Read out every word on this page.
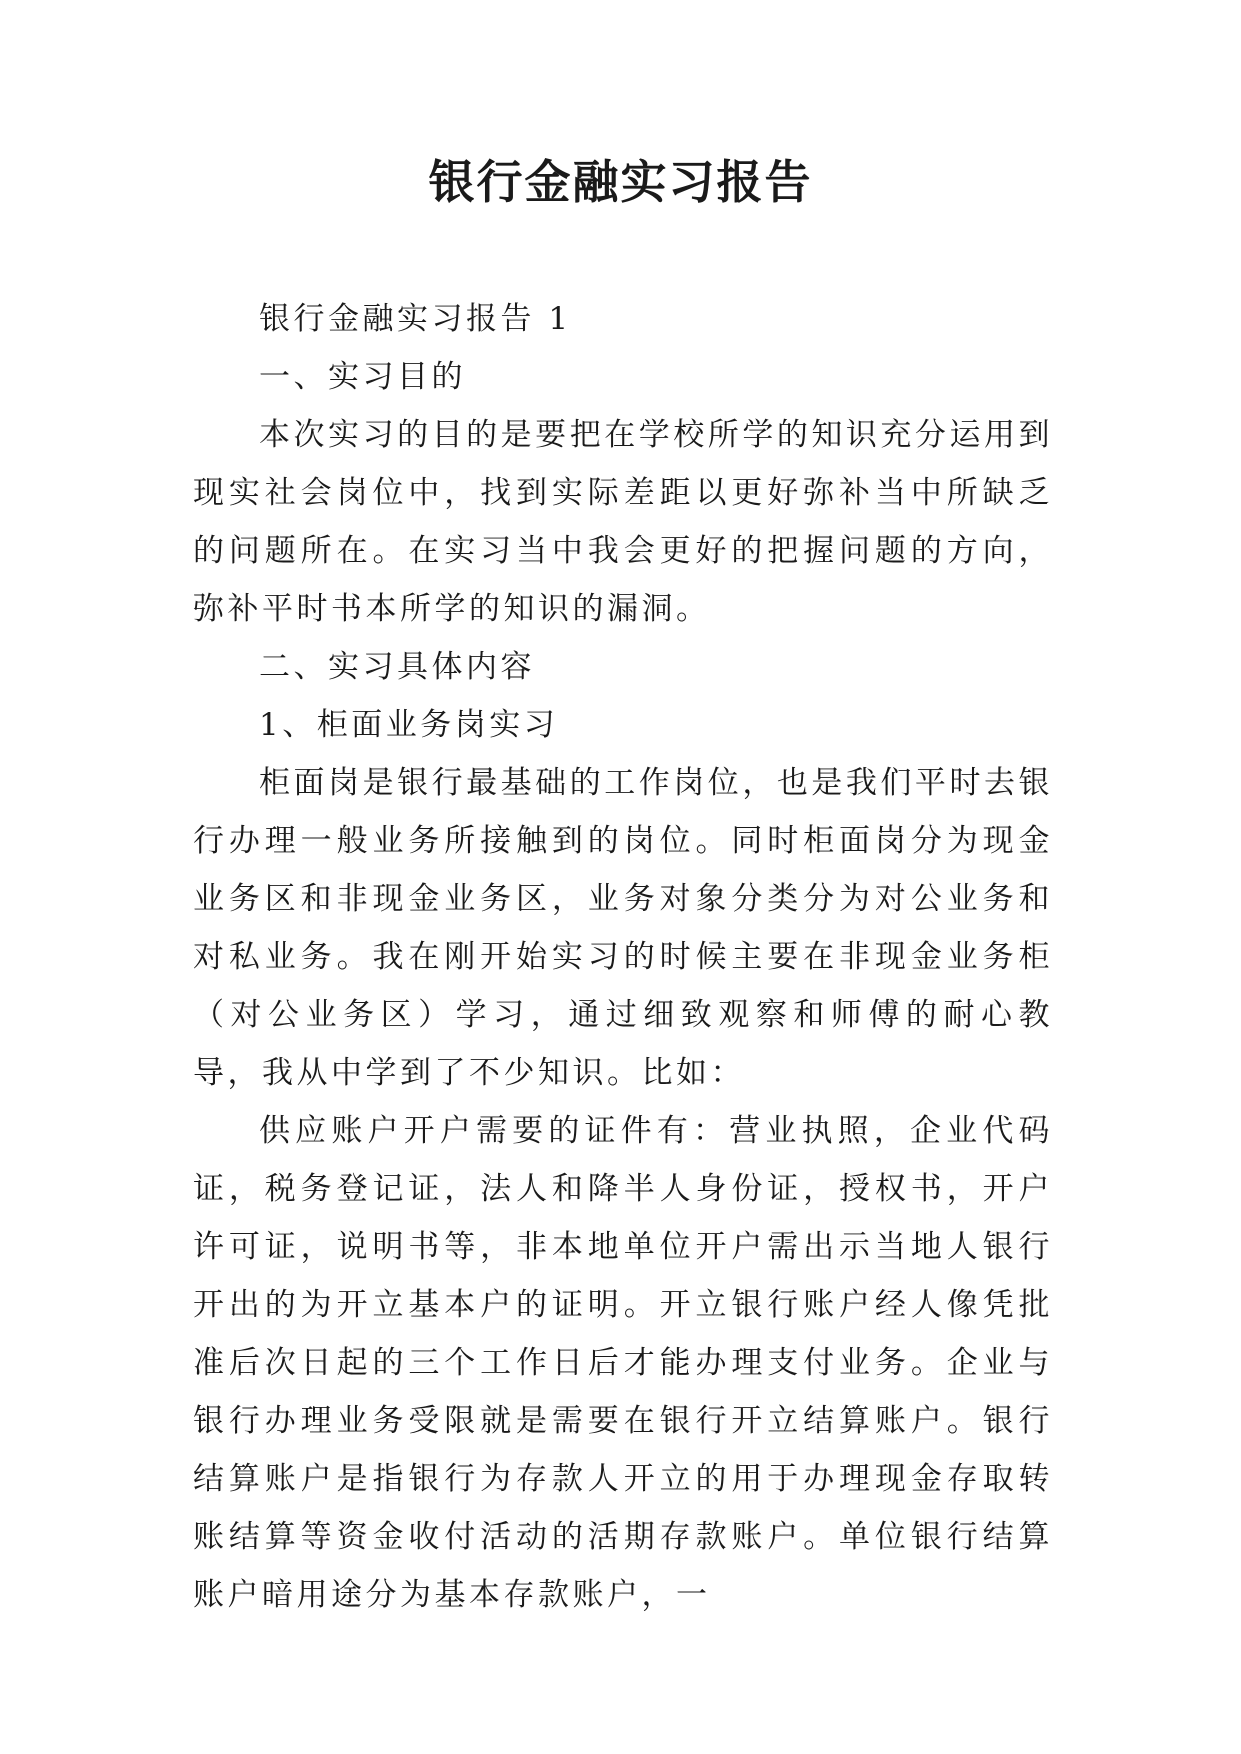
银行金融实习报告

银行金融实习报告 1

一、实习目的

本次实习的目的是要把在学校所学的知识充分运用到现实社会岗位中，找到实际差距以更好弥补当中所缺乏的问题所在。在实习当中我会更好的把握问题的方向，弥补平时书本所学的知识的漏洞。

二、实习具体内容

1、柜面业务岗实习

柜面岗是银行最基础的工作岗位，也是我们平时去银行办理一般业务所接触到的岗位。同时柜面岗分为现金业务区和非现金业务区，业务对象分类分为对公业务和对私业务。我在刚开始实习的时候主要在非现金业务柜（对公业务区）学习，通过细致观察和师傅的耐心教导，我从中学到了不少知识。比如：

供应账户开户需要的证件有：营业执照，企业代码证，税务登记证，法人和降半人身份证，授权书，开户许可证，说明书等，非本地单位开户需出示当地人银行开出的为开立基本户的证明。开立银行账户经人像凭批准后次日起的三个工作日后才能办理支付业务。企业与银行办理业务受限就是需要在银行开立结算账户。银行结算账户是指银行为存款人开立的用于办理现金存取转账结算等资金收付活动的活期存款账户。单位银行结算账户暗用途分为基本存款账户，一
